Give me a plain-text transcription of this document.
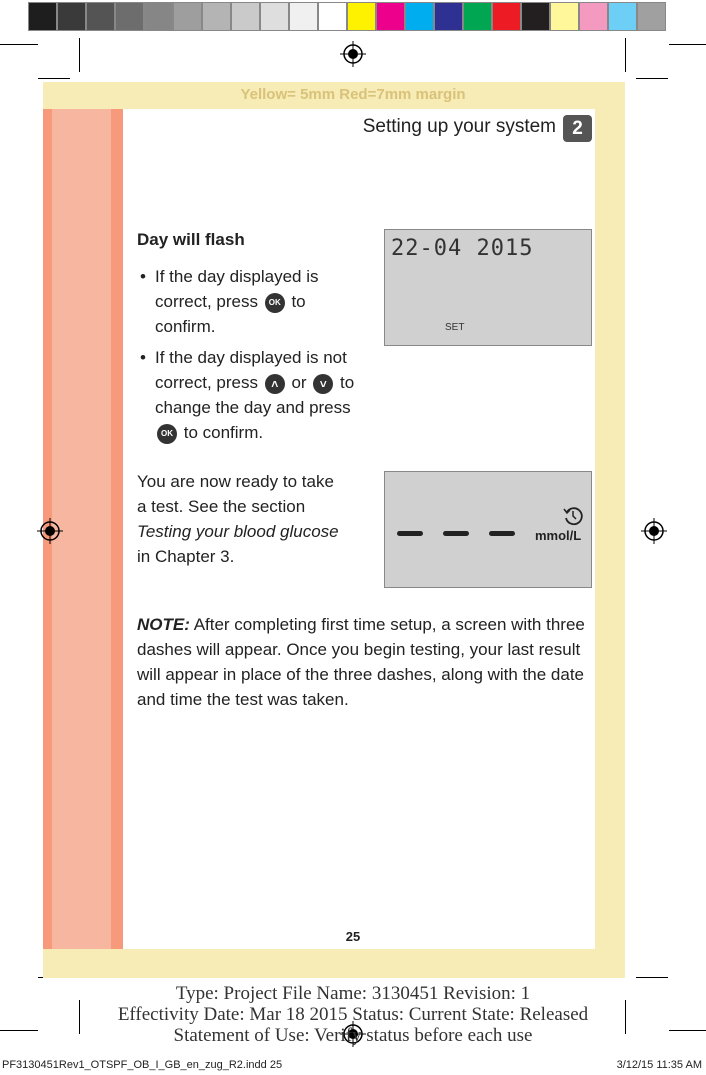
Yellow= 5mm Red=7mm margin
Setting up your system 2
Day will flash
• If the day displayed is correct, press OK to confirm.
• If the day displayed is not correct, press ˄ or ˅ to change the day and press OK to confirm.
22-04 2015
SET
You are now ready to take
a test. See the section
Testing your blood glucose
in Chapter 3.
mmol/L
NOTE: After completing first time setup, a screen with three dashes will appear. Once you begin testing, your last result will appear in place of the three dashes, along with the date and time the test was taken.
25
Type: Project File Name: 3130451 Revision: 1
Effectivity Date: Mar 18 2015 Status: Current State: Released
Statement of Use: Verify status before each use
PF3130451Rev1_OTSPF_OB_I_GB_en_zug_R2.indd 25	3/12/15 11:35 AM
